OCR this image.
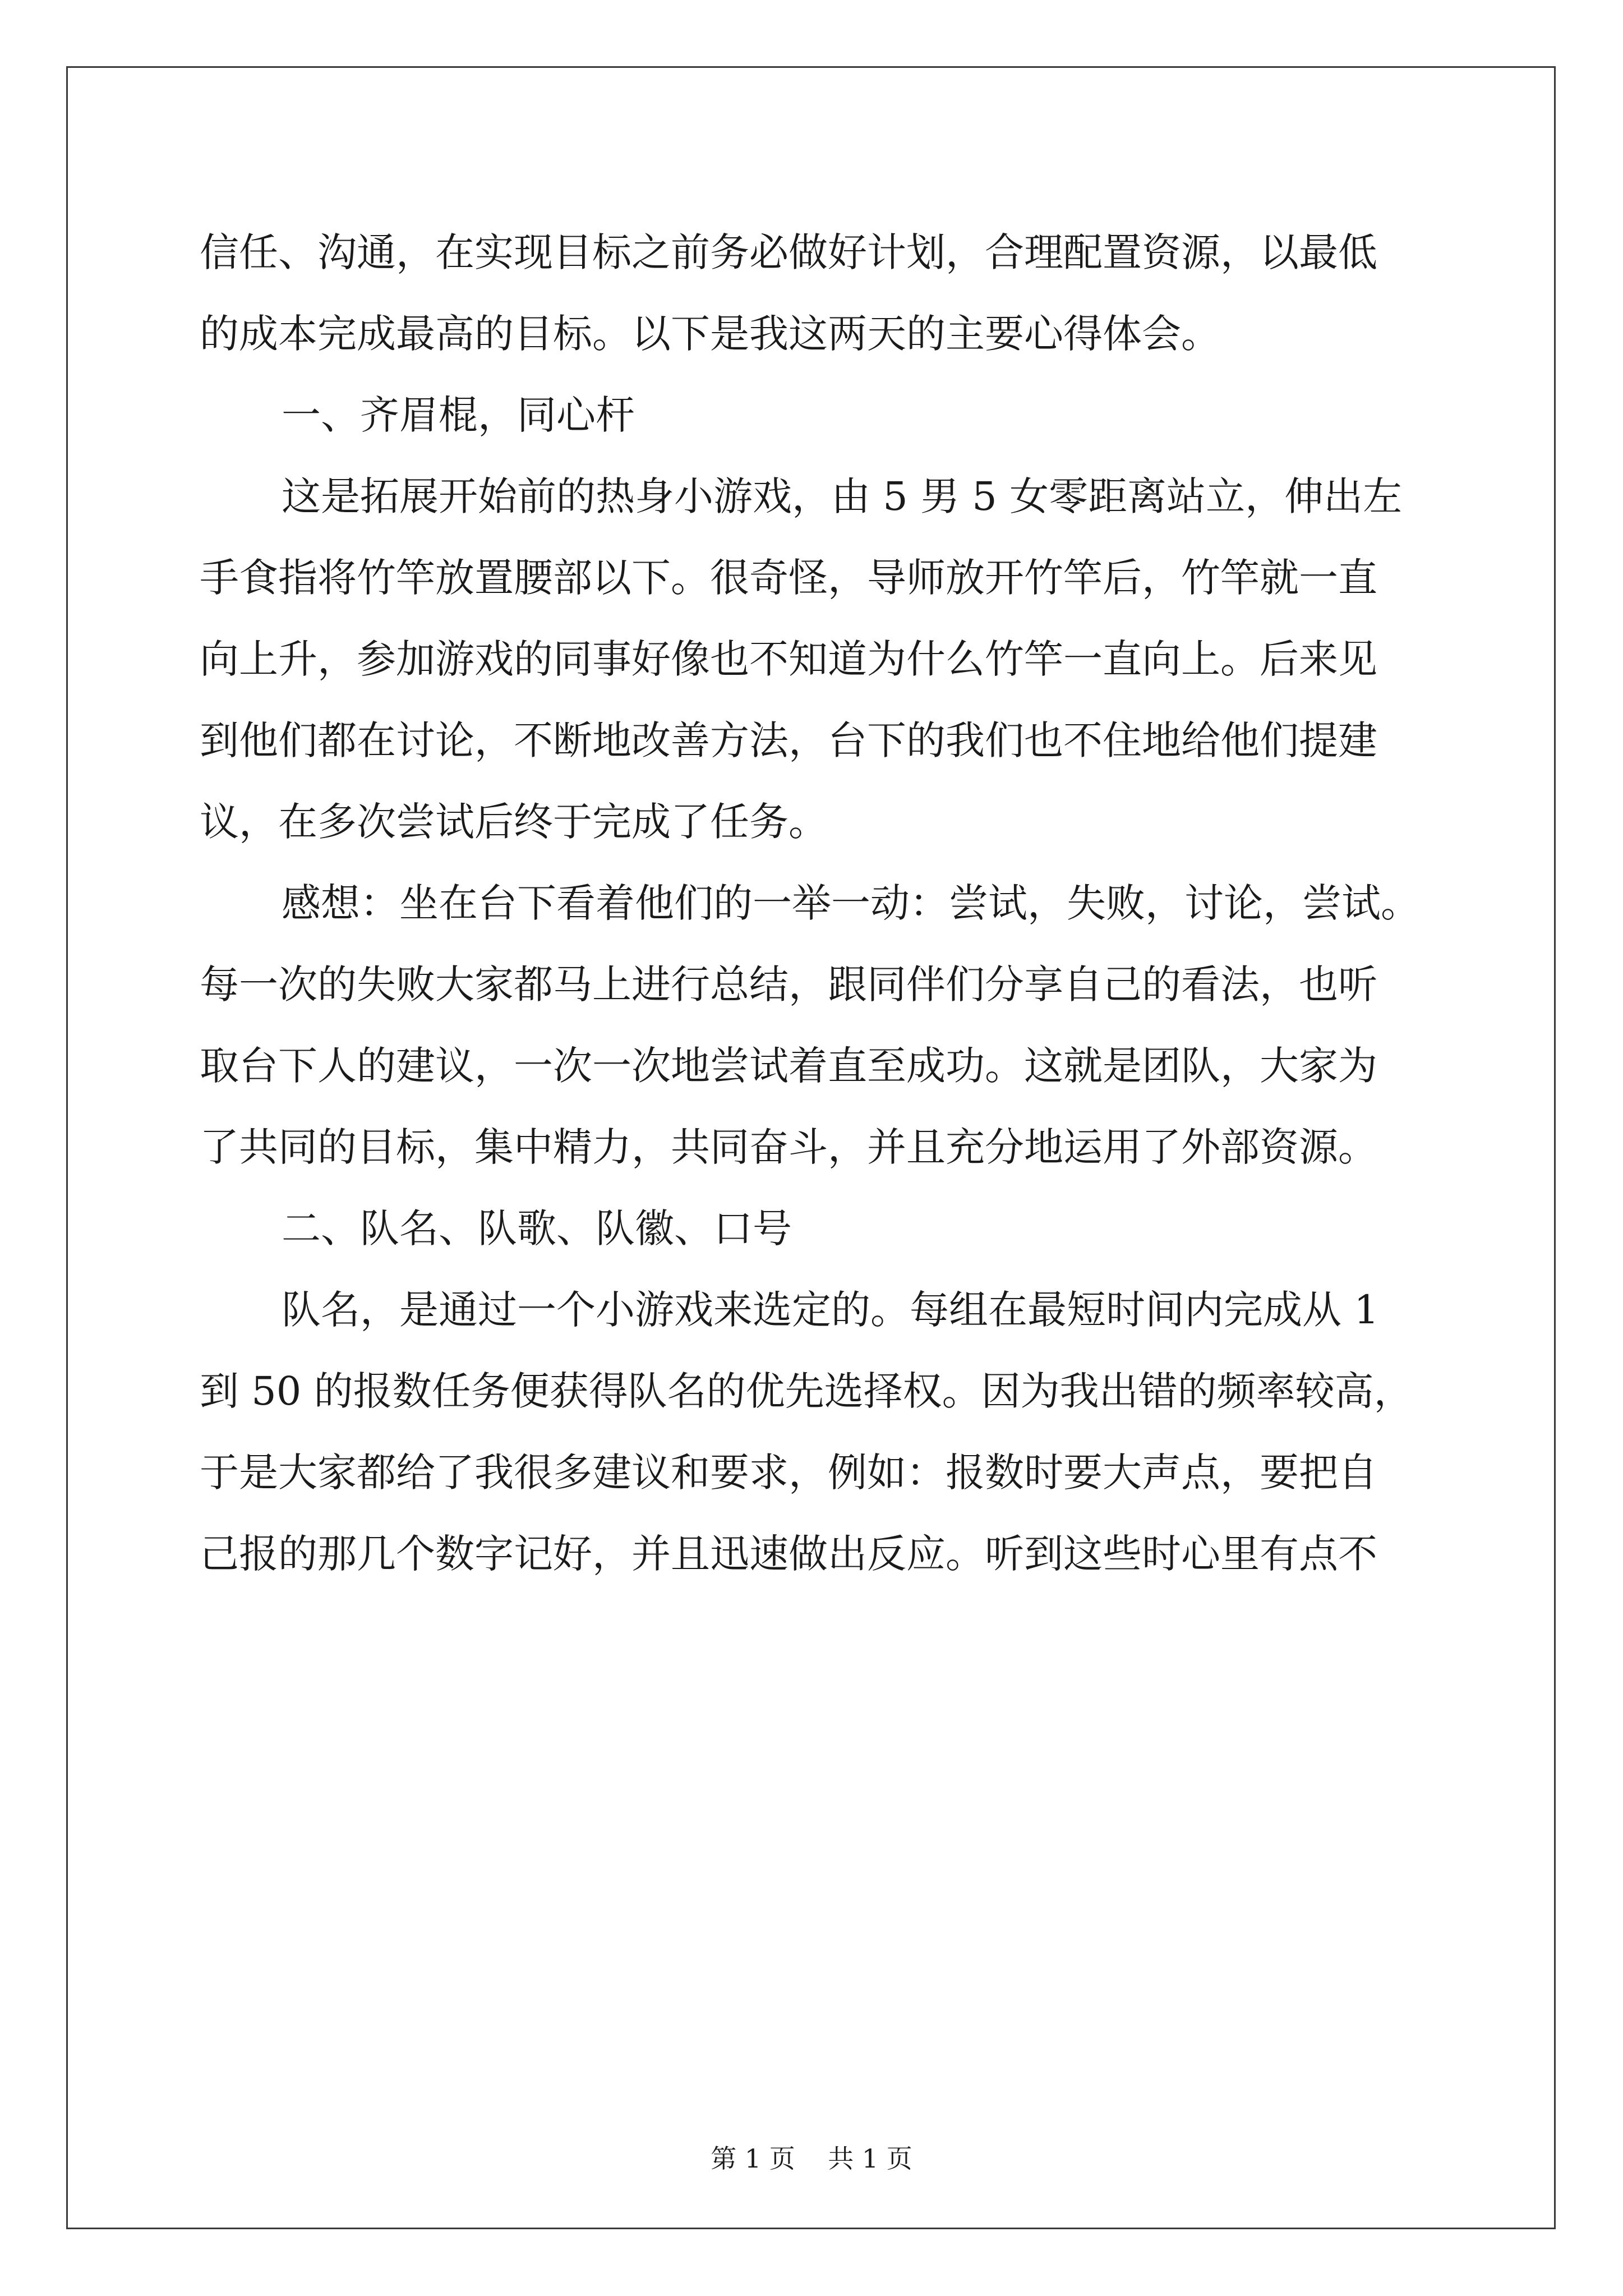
信任、沟通，在实现目标之前务必做好计划，合理配置资源，以最低
的成本完成最高的目标。以下是我这两天的主要心得体会。
一、齐眉棍，同心杆
这是拓展开始前的热身小游戏，由 5 男 5 女零距离站立，伸出左
手食指将竹竿放置腰部以下。很奇怪，导师放开竹竿后，竹竿就一直
向上升，参加游戏的同事好像也不知道为什么竹竿一直向上。后来见
到他们都在讨论，不断地改善方法，台下的我们也不住地给他们提建
议，在多次尝试后终于完成了任务。
感想：坐在台下看着他们的一举一动：尝试，失败，讨论，尝试。
每一次的失败大家都马上进行总结，跟同伴们分享自己的看法，也听
取台下人的建议，一次一次地尝试着直至成功。这就是团队，大家为
了共同的目标，集中精力，共同奋斗，并且充分地运用了外部资源。
二、队名、队歌、队徽、口号
队名，是通过一个小游戏来选定的。每组在最短时间内完成从 1
到 50 的报数任务便获得队名的优先选择权。因为我出错的频率较高，
于是大家都给了我很多建议和要求，例如：报数时要大声点，要把自
己报的那几个数字记好，并且迅速做出反应。听到这些时心里有点不
第 1 页    共 1 页
